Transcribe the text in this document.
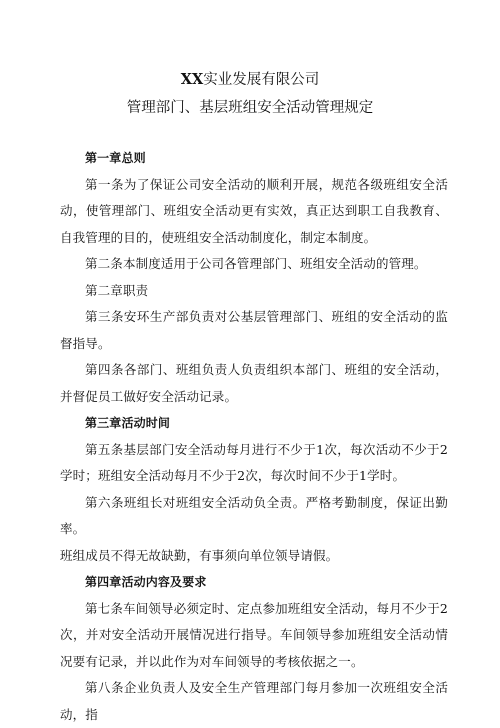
XX实业发展有限公司
管理部门、基层班组安全活动管理规定

第一章总则

第一条为了保证公司安全活动的顺利开展，规范各级班组安全活动，使管理部门、班组安全活动更有实效，真正达到职工自我教育、自我管理的目的，使班组安全活动制度化，制定本制度。

第二条本制度适用于公司各管理部门、班组安全活动的管理。

第二章职责

第三条安环生产部负责对公基层管理部门、班组的安全活动的监督指导。

第四条各部门、班组负责人负责组织本部门、班组的安全活动，并督促员工做好安全活动记录。

第三章活动时间

第五条基层部门安全活动每月进行不少于1次，每次活动不少于2学时；班组安全活动每月不少于2次，每次时间不少于1学时。

第六条班组长对班组安全活动负全责。严格考勤制度，保证出勤率。

班组成员不得无故缺勤，有事须向单位领导请假。

第四章活动内容及要求

第七条车间领导必须定时、定点参加班组安全活动，每月不少于2次，并对安全活动开展情况进行指导。车间领导参加班组安全活动情况要有记录，并以此作为对车间领导的考核依据之一。

第八条企业负责人及安全生产管理部门每月参加一次班组安全活动，指
